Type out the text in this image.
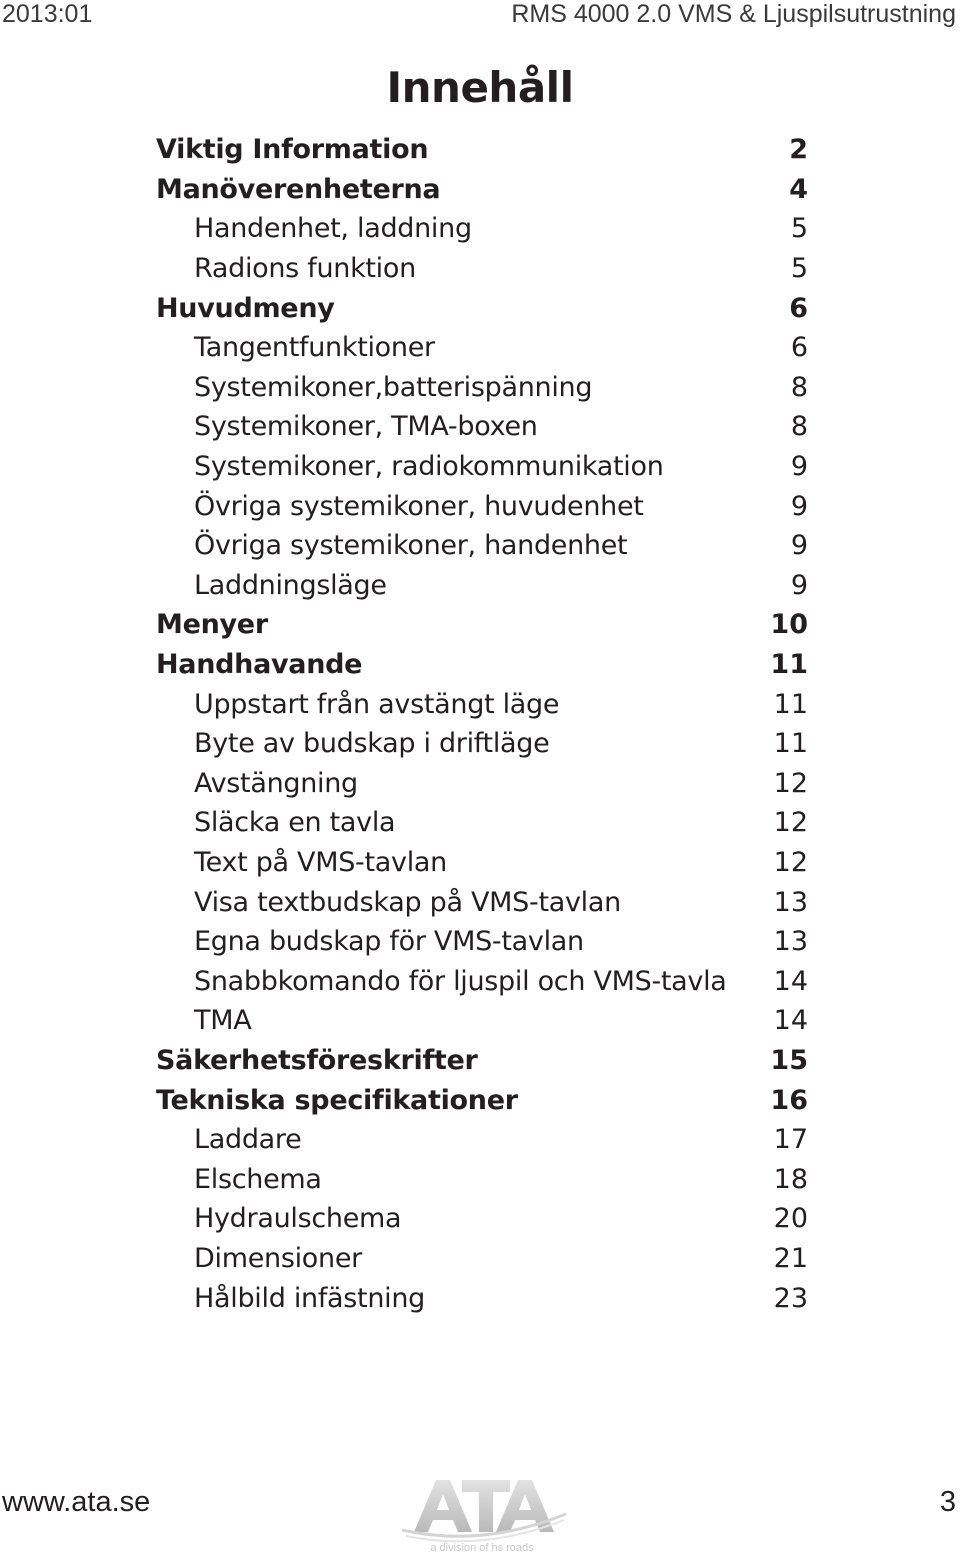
2013:01	RMS 4000 2.0 VMS & Ljuspilsutrustning
Innehåll
Viktig Information	2
Manöverenheterna	4
Handenhet, laddning	5
Radions funktion	5
Huvudmeny	6
Tangentfunktioner	6
Systemikoner,batterispänning	8
Systemikoner, TMA-boxen	8
Systemikoner, radiokommunikation	9
Övriga systemikoner, huvudenhet	9
Övriga systemikoner, handenhet	9
Laddningsläge	9
Menyer	10
Handhavande	11
Uppstart från avstängt läge	11
Byte av budskap i driftläge	11
Avstängning	12
Släcka en tavla	12
Text på VMS-tavlan	12
Visa textbudskap på VMS-tavlan	13
Egna budskap för VMS-tavlan	13
Snabbkomando för ljuspil och VMS-tavla 14
TMA	14
Säkerhetsföreskrifter	15
Tekniska specifikationer	16
Laddare	17
Elschema	18
Hydraulschema	20
Dimensioner	21
Hålbild infästning	23
www.ata.se
a division of hs roads
3
